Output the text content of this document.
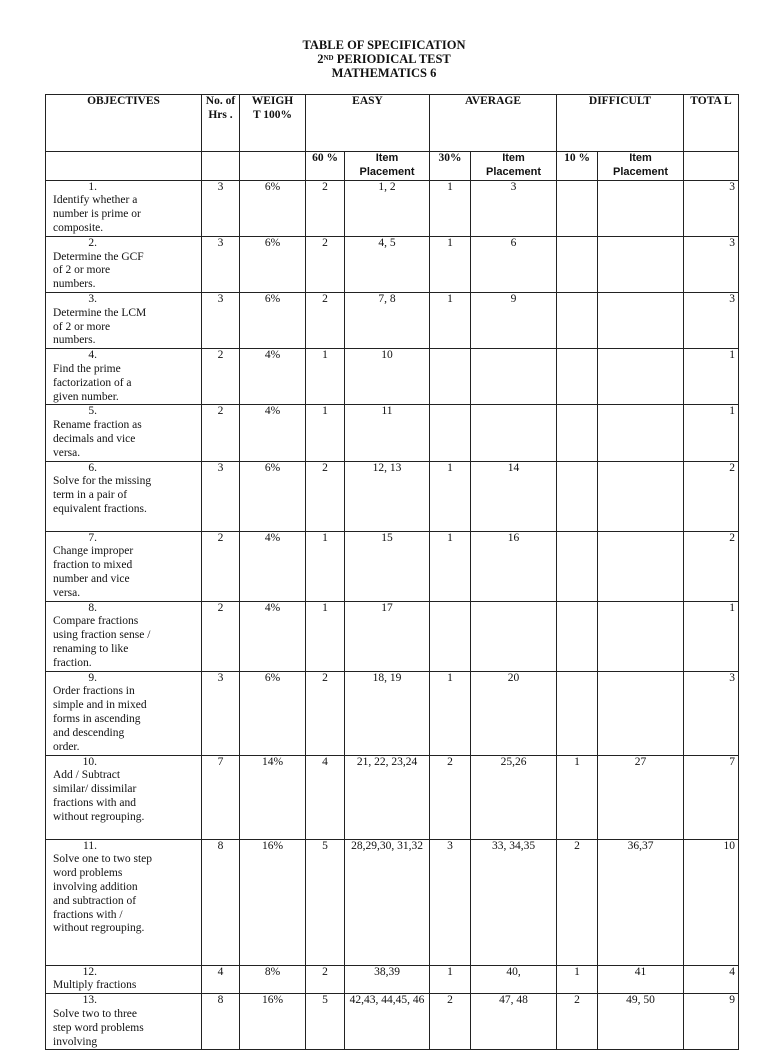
TABLE OF SPECIFICATION
2ND PERIODICAL TEST
MATHEMATICS 6
OBJECTIVES	No. of Hrs .	WEIGH T 100%	EASY		AVERAGE		DIFFICULT		TOTA L
			60 %	Item Placement	30%	Item Placement	10 %	Item Placement	
1.Identify whether a number is prime or composite.	3	6%	2	1, 2	1	3			3
2.Determine the GCF of 2 or more numbers.	3	6%	2	4, 5	1	6			3
3.Determine the LCM of 2 or more numbers.	3	6%	2	7, 8	1	9			3
4.Find the prime factorization of a given number.	2	4%	1	10					1
5.Rename fraction as decimals and vice versa.	2	4%	1	11					1
6.Solve for the missing term in a pair of equivalent fractions.	3	6%	2	12, 13	1	14			2
7.Change improper fraction to mixed number and vice versa.	2	4%	1	15	1	16			2
8.Compare fractions using fraction sense / renaming to like fraction.	2	4%	1	17					1
9.Order fractions in simple and in mixed forms in ascending and descending order.	3	6%	2	18, 19	1	20			3
10.Add / Subtract similar/ dissimilar fractions with and without regrouping.	7	14%	4	21, 22, 23,24	2	25,26	1	27	7
11.Solve one to two step word problems involving addition and subtraction of fractions with / without regrouping.	8	16%	5	28,29,30, 31,32	3	33, 34,35	2	36,37	10
12.Multiply fractions	4	8%	2	38,39	1	40,	1	41	4
13.Solve two to three step word problems involving	8	16%	5	42,43, 44,45, 46	2	47, 48	2	49, 50	9
